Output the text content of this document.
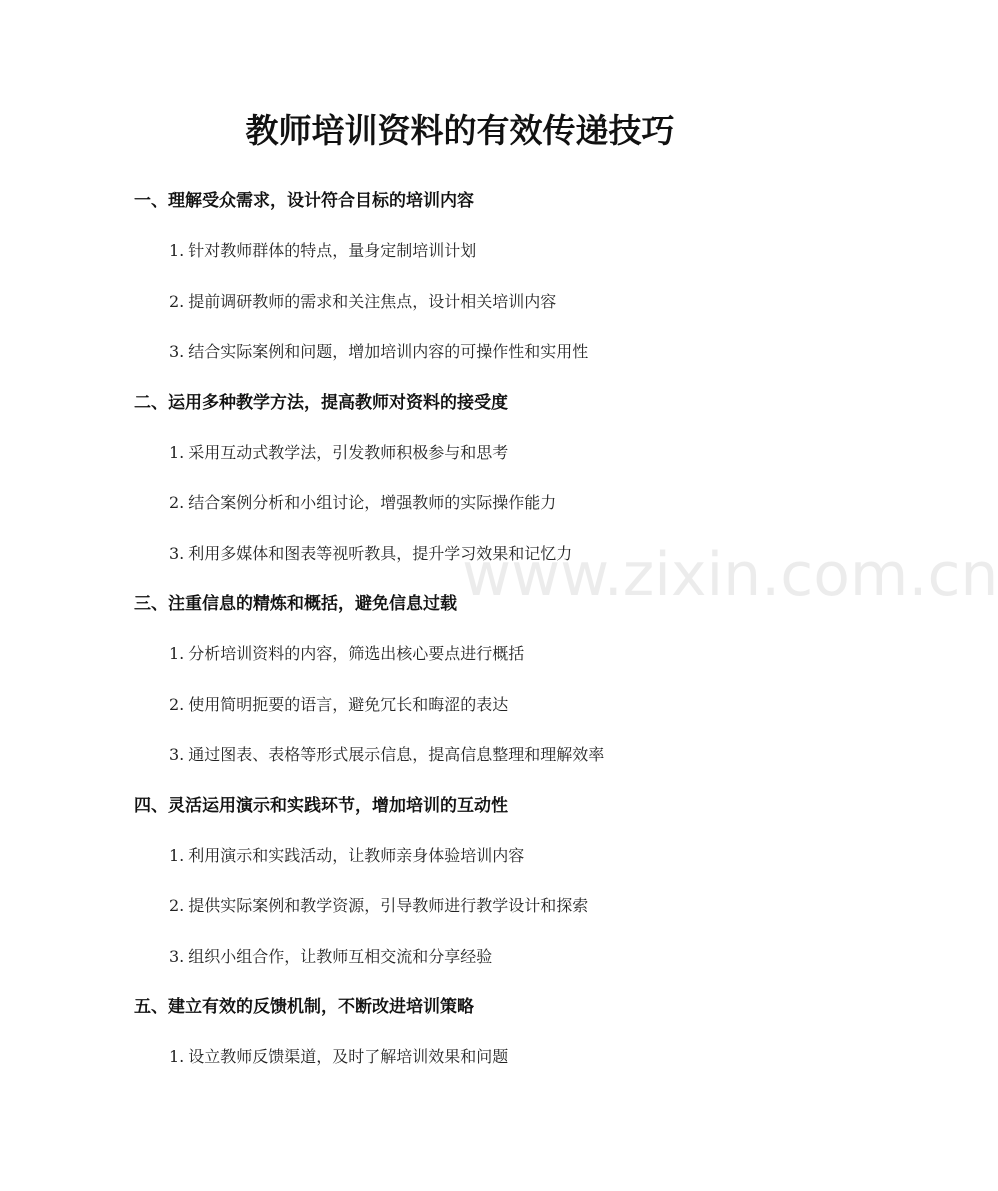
教师培训资料的有效传递技巧
一、理解受众需求，设计符合目标的培训内容
1. 针对教师群体的特点，量身定制培训计划
2. 提前调研教师的需求和关注焦点，设计相关培训内容
3. 结合实际案例和问题，增加培训内容的可操作性和实用性
二、运用多种教学方法，提高教师对资料的接受度
1. 采用互动式教学法，引发教师积极参与和思考
2. 结合案例分析和小组讨论，增强教师的实际操作能力
3. 利用多媒体和图表等视听教具，提升学习效果和记忆力
三、注重信息的精炼和概括，避免信息过载
1. 分析培训资料的内容，筛选出核心要点进行概括
2. 使用简明扼要的语言，避免冗长和晦涩的表达
3. 通过图表、表格等形式展示信息，提高信息整理和理解效率
四、灵活运用演示和实践环节，增加培训的互动性
1. 利用演示和实践活动，让教师亲身体验培训内容
2. 提供实际案例和教学资源，引导教师进行教学设计和探索
3. 组织小组合作，让教师互相交流和分享经验
五、建立有效的反馈机制，不断改进培训策略
1. 设立教师反馈渠道，及时了解培训效果和问题
www.zixin.com.cn
